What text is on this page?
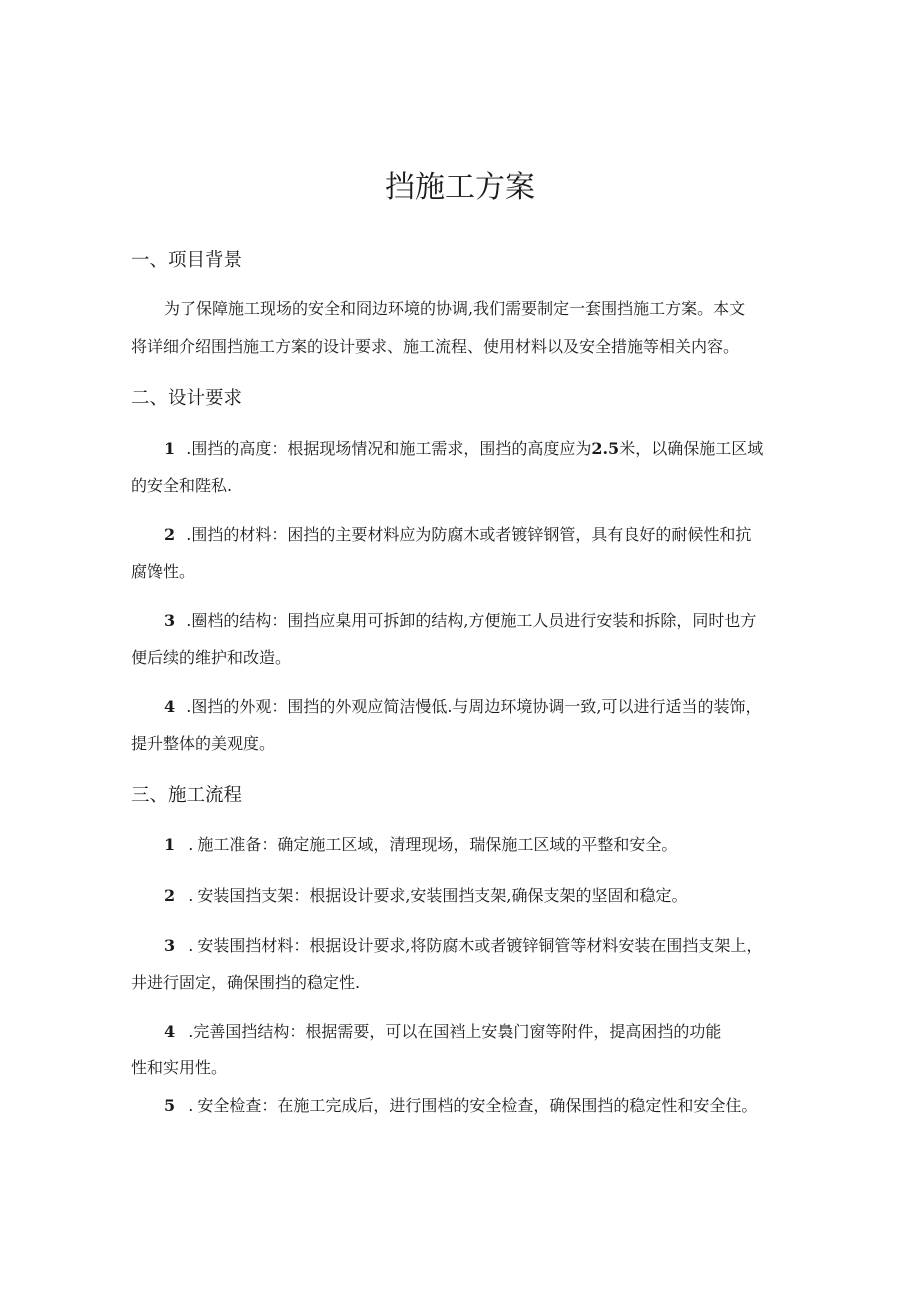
挡施工方案
一、项目背景
为了保障施工现场的安全和冏边环境的协调,我们需要制定一套围挡施工方案。本文
将详细介绍围挡施工方案的设计要求、施工流程、使用材料以及安全措施等相关内容。
二、设计要求
1 .围挡的高度：根据现场情况和施工需求，围挡的高度应为2.5米，以确保施工区域
的安全和陛私.
2 .围挡的材料：困挡的主要材料应为防腐木或者镀锌钢管，具有良好的耐候性和抗
腐馋性。
3 .圈档的结构：围挡应臬用可拆卸的结构,方便施工人员进行安装和拆除，同时也方
便后续的维护和改造。
4 .图挡的外观：围挡的外观应简洁慢低.与周边环境协调一致,可以进行适当的装饰，
提升整体的美观度。
三、施工流程
1 . 施工准备：确定施工区域，清理现场，瑞保施工区域的平整和安全。
2 . 安装国挡支架：根据设计要求,安装围挡支架,确保支架的坚固和稳定。
3 . 安装围挡材料：根据设计要求,将防腐木或者镀锌铜管等材料安装在围挡支架上，
井进行固定，确保围挡的稳定性.
4 .完善国挡结构：根据需要，可以在国裆上安裊门窗等附件，提高困挡的功能
性和实用性。
5 . 安全检查：在施工完成后，进行围档的安全检查，确保围挡的稳定性和安全住。
